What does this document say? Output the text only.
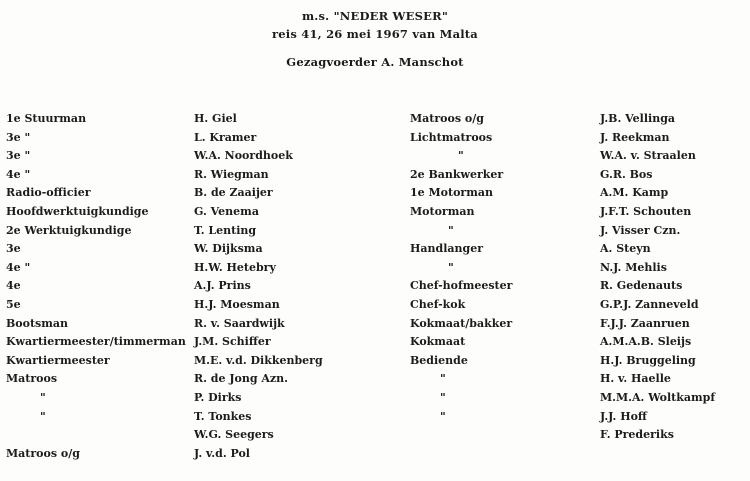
m.s. "NEDER WESER"
reis 41, 26 mei 1967 van Malta
Gezagvoerder A. Manschot
1e Stuurman
3e "
3e "
4e "
Radio-officier
Hoofdwerktuigkundige
2e Werktuigkundige
3e
4e "
4e
5e
Bootsman
Kwartiermeester/timmerman
Kwartiermeester
Matroos
"
"
Matroos o/g
H. Giel
L. Kramer
W.A. Noordhoek
R. Wiegman
B. de Zaaijer
G. Venema
T. Lenting
W. Dijksma
H.W. Hetebry
A.J. Prins
H.J. Moesman
R. v. Saardwijk
J.M. Schiffer
M.E. v.d. Dikkenberg
R. de Jong Azn.
P. Dirks
T. Tonkes
W.G. Seegers
J. v.d. Pol
Matroos o/g
Lichtmatroos
"
2e Bankwerker
1e Motorman
Motorman
"
Handlanger
"
Chef-hofmeester
Chef-kok
Kokmaat/bakker
Kokmaat
Bediende
"
"
"
J.B. Vellinga
J. Reekman
W.A. v. Straalen
G.R. Bos
A.M. Kamp
J.F.T. Schouten
J. Visser Czn.
A. Steyn
N.J. Mehlis
R. Gedenauts
G.P.J. Zanneveld
F.J.J. Zaanruen
A.M.A.B. Sleijs
H.J. Bruggeling
H. v. Haelle
M.M.A. Woltkampf
J.J. Hoff
F. Prederiks
